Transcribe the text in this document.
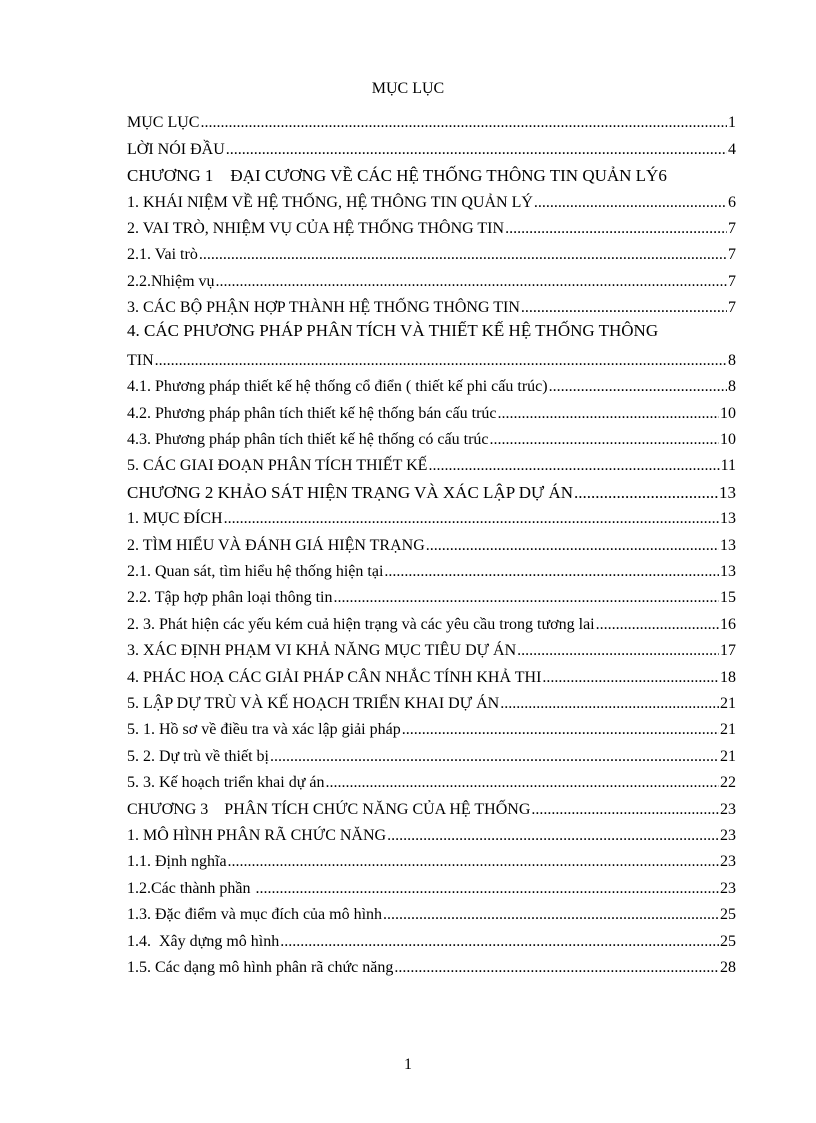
MỤC LỤC
MỤC LỤC .....	1
LỜI NÓI ĐẦU .....	4
CHƯƠNG 1    ĐẠI CƯƠNG VỀ CÁC HỆ THỐNG THÔNG TIN QUẢN LÝ 6
1. KHÁI NIỆM VỀ HỆ THỐNG, HỆ THÔNG TIN QUẢN LÝ .....	6
2. VAI TRÒ, NHIỆM VỤ CỦA HỆ THỐNG THÔNG TIN .....	7
2.1. Vai trò .....	7
2.2.Nhiệm vụ .....	7
3. CÁC BỘ PHẬN HỢP THÀNH HỆ THỐNG THÔNG TIN .....	7
4. CÁC PHƯƠNG PHÁP PHÂN TÍCH VÀ THIẾT KẾ HỆ THỐNG THÔNG
TIN .....	8
4.1. Phương pháp thiết kế hệ thống cổ điển ( thiết kế phi cấu trúc) .....	8
4.2. Phương pháp phân tích thiết kế hệ thống bán cấu trúc .....	10
4.3. Phương pháp phân tích thiết kế hệ thống có cấu trúc .....	10
5. CÁC GIAI ĐOẠN PHÂN TÍCH THIẾT KẾ .....	11
CHƯƠNG 2 KHẢO SÁT HIỆN TRẠNG VÀ XÁC LẬP DỰ ÁN .....	13
1. MỤC ĐÍCH .....	13
2. TÌM HIỂU VÀ ĐÁNH GIÁ HIỆN TRẠNG .....	13
2.1. Quan sát, tìm hiểu hệ thống hiện tại .....	13
2.2. Tập hợp phân loại thông tin .....	15
2. 3. Phát hiện các yếu kém cuả hiện trạng và các yêu cầu trong tương lai .....	16
3. XÁC ĐỊNH PHẠM VI KHẢ NĂNG MỤC TIÊU DỰ ÁN .....	17
4. PHÁC HOẠ CÁC GIẢI PHÁP CÂN NHẮC TÍNH KHẢ THI .....	18
5. LẬP DỰ TRÙ VÀ KẾ HOẠCH TRIỂN KHAI DỰ ÁN .....	21
5. 1. Hồ sơ về điều tra và xác lập giải pháp .....	21
5. 2. Dự trù về thiết bị .....	21
5. 3. Kế hoạch triển khai dự án .....	22
CHƯƠNG 3    PHÂN TÍCH CHỨC NĂNG CỦA HỆ THỐNG .....	23
1. MÔ HÌNH PHÂN RÃ CHỨC NĂNG .....	23
1.1. Định nghĩa .....	23
1.2.Các thành phần .....	23
1.3. Đặc điểm và mục đích của mô hình .....	25
1.4.  Xây dựng mô hình .....	25
1.5. Các dạng mô hình phân rã chức năng .....	28
1
